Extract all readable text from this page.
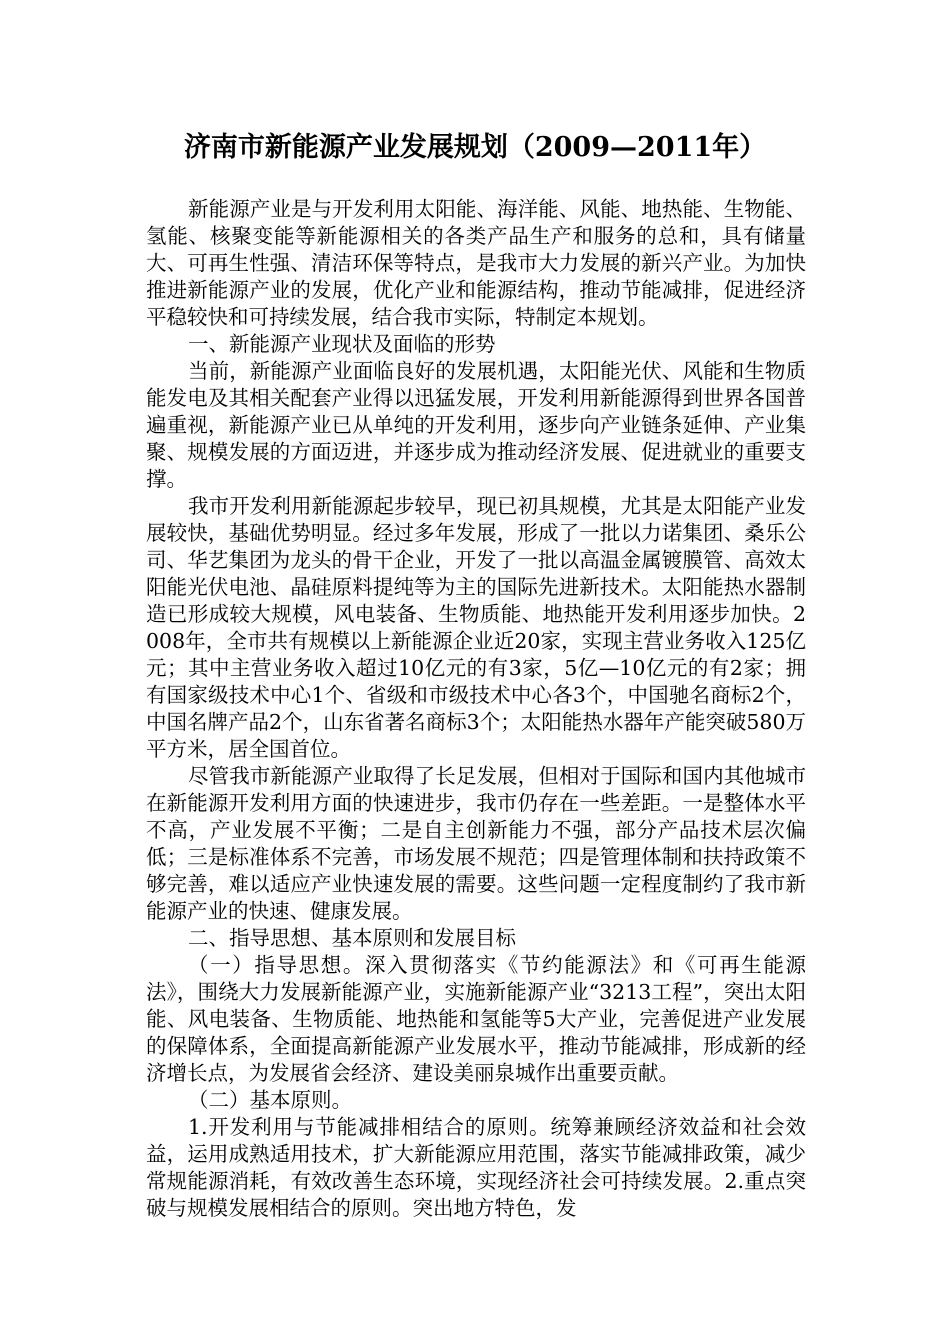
济南市新能源产业发展规划（2009—2011年）

新能源产业是与开发利用太阳能、海洋能、风能、地热能、生物能、氢能、核聚变能等新能源相关的各类产品生产和服务的总和，具有储量大、可再生性强、清洁环保等特点，是我市大力发展的新兴产业。为加快推进新能源产业的发展，优化产业和能源结构，推动节能减排，促进经济平稳较快和可持续发展，结合我市实际，特制定本规划。

一、新能源产业现状及面临的形势

当前，新能源产业面临良好的发展机遇，太阳能光伏、风能和生物质能发电及其相关配套产业得以迅猛发展，开发利用新能源得到世界各国普遍重视，新能源产业已从单纯的开发利用，逐步向产业链条延伸、产业集聚、规模发展的方面迈进，并逐步成为推动经济发展、促进就业的重要支撑。

我市开发利用新能源起步较早，现已初具规模，尤其是太阳能产业发展较快，基础优势明显。经过多年发展，形成了一批以力诺集团、桑乐公司、华艺集团为龙头的骨干企业，开发了一批以高温金属镀膜管、高效太阳能光伏电池、晶硅原料提纯等为主的国际先进新技术。太阳能热水器制造已形成较大规模，风电装备、生物质能、地热能开发利用逐步加快。2008年，全市共有规模以上新能源企业近20家，实现主营业务收入125亿元；其中主营业务收入超过10亿元的有3家，5亿—10亿元的有2家；拥有国家级技术中心1个、省级和市级技术中心各3个，中国驰名商标2个，中国名牌产品2个，山东省著名商标3个；太阳能热水器年产能突破580万平方米，居全国首位。

尽管我市新能源产业取得了长足发展，但相对于国际和国内其他城市在新能源开发利用方面的快速进步，我市仍存在一些差距。一是整体水平不高，产业发展不平衡；二是自主创新能力不强，部分产品技术层次偏低；三是标准体系不完善，市场发展不规范；四是管理体制和扶持政策不够完善，难以适应产业快速发展的需要。这些问题一定程度制约了我市新能源产业的快速、健康发展。

二、指导思想、基本原则和发展目标

（一）指导思想。深入贯彻落实《节约能源法》和《可再生能源法》，围绕大力发展新能源产业，实施新能源产业“3213工程”，突出太阳能、风电装备、生物质能、地热能和氢能等5大产业，完善促进产业发展的保障体系，全面提高新能源产业发展水平，推动节能减排，形成新的经济增长点，为发展省会经济、建设美丽泉城作出重要贡献。

（二）基本原则。

1.开发利用与节能减排相结合的原则。统筹兼顾经济效益和社会效益，运用成熟适用技术，扩大新能源应用范围，落实节能减排政策，减少常规能源消耗，有效改善生态环境，实现经济社会可持续发展。2.重点突破与规模发展相结合的原则。突出地方特色，发
